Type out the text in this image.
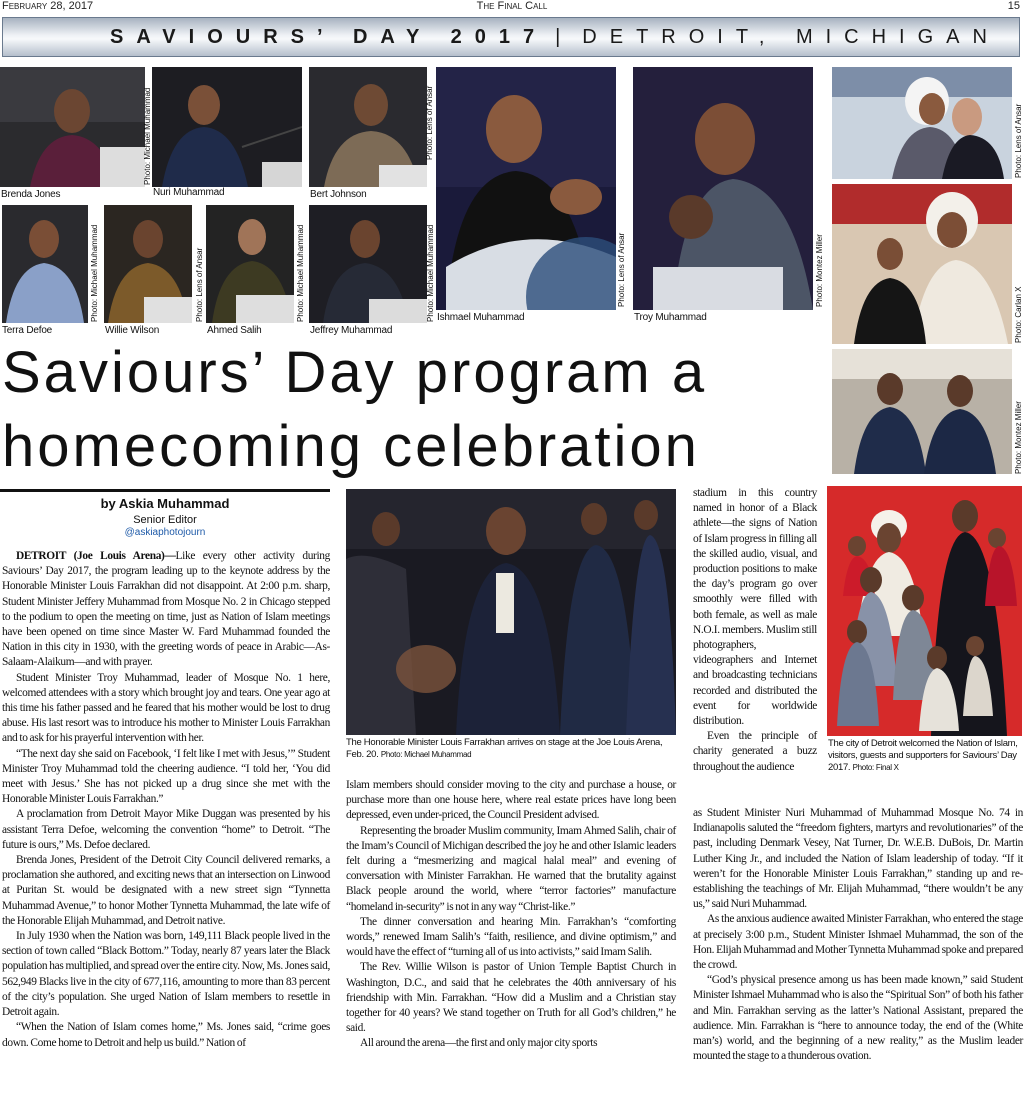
February 28, 2017	The Final Call	15
SAVIOURS’ DAY 2017 | DETROIT, MICHIGAN
Brenda Jones
Photo: Michael Muhammad
Nuri Muhammad
Photo: Lens of Ansar
Bert Johnson
Photo: Lens of Ansar
Ishmael Muhammad
Photo: Montez Miller
Troy Muhammad
Terra Defoe
Photo: Michael Muhammad
Willie Wilson
Photo: Lens of Ansar
Ahmed Salih
Photo: Michael Muhammad
Jeffrey Muhammad
Photo: Michael Muhammad
Photo: Lens of Ansar
Photo: Carlan X
Photo: Montez Miller
Saviours’ Day program a
homecoming celebration
by Askia Muhammad
Senior Editor
@askiaphotojourn

DETROIT (Joe Louis Arena)—Like every other activity during Saviours’ Day 2017, the program leading up to the keynote address by the Honorable Minister Louis Farrakhan did not disappoint. At 2:00 p.m. sharp, Student Minister Jeffery Muhammad from Mosque No. 2 in Chicago stepped to the podium to open the meeting on time, just as Nation of Islam meetings have been opened on time since Master W. Fard Muhammad founded the Nation in this city in 1930, with the greeting words of peace in Arabic—As-Salaam-Alaikum—and with prayer.

Student Minister Troy Muhammad, leader of Mosque No. 1 here, welcomed attendees with a story which brought joy and tears. One year ago at this time his father passed and he feared that his mother would be lost to drug abuse. His last resort was to introduce his mother to Minister Louis Farrakhan and to ask for his prayerful intervention with her.

“The next day she said on Facebook, ‘I felt like I met with Jesus,’” Student Minister Troy Muhammad told the cheering audience. “I told her, ‘You did meet with Jesus.’ She has not picked up a drug since she met with the Honorable Minister Louis Farrakhan.”

A proclamation from Detroit Mayor Mike Duggan was presented by his assistant Terra Defoe, welcoming the convention “home” to Detroit. “The future is ours,” Ms. Defoe declared.

Brenda Jones, President of the Detroit City Council delivered remarks, a proclamation she authored, and exciting news that an intersection on Linwood at Puritan St. would be designated with a new street sign “Tynnetta Muhammad Avenue,” to honor Mother Tynnetta Muhammad, the late wife of the Honorable Elijah Muhammad, and Detroit native.

In July 1930 when the Nation was born, 149,111 Black people lived in the section of town called “Black Bottom.” Today, nearly 87 years later the Black population has multiplied, and spread over the entire city. Now, Ms. Jones said, 562,949 Blacks live in the city of 677,116, amounting to more than 83 percent of the city’s population. She urged Nation of Islam members to resettle in Detroit again.

“When the Nation of Islam comes home,” Ms. Jones said, “crime goes down. Come home to Detroit and help us build.” Nation of

The Honorable Minister Louis Farrakhan arrives on stage at the Joe Louis Arena, Feb. 20. Photo: Michael Muhammad

Islam members should consider moving to the city and purchase a house, or purchase more than one house here, where real estate prices have long been depressed, even under-priced, the Council President advised.

Representing the broader Muslim community, Imam Ahmed Salih, chair of the Imam’s Council of Michigan described the joy he and other Islamic leaders felt during a “mesmerizing and magical halal meal” and evening of conversation with Minister Farrakhan. He warned that the brutality against Black people around the world, where “terror factories” manufacture “homeland in-security” is not in any way “Christ-like.”

The dinner conversation and hearing Min. Farrakhan’s “comforting words,” renewed Imam Salih’s “faith, resilience, and divine optimism,” and would have the effect of “turning all of us into activists,” said Imam Salih.

The Rev. Willie Wilson is pastor of Union Temple Baptist Church in Washington, D.C., and said that he celebrates the 40th anniversary of his friendship with Min. Farrakhan. “How did a Muslim and a Christian stay together for 40 years? We stand together on Truth for all God’s children,” he said.

All around the arena—the first and only major city sports

stadium in this country named in honor of a Black athlete—the signs of Nation of Islam progress in filling all the skilled audio, visual, and production positions to make the day’s program go over smoothly were filled with both female, as well as male N.O.I. members. Muslim still photographers, videographers and Internet and broadcasting technicians recorded and distributed the event for worldwide distribution.

Even the principle of charity generated a buzz throughout the audience

The city of Detroit welcomed the Nation of Islam, visitors, guests and supporters for Saviours’ Day 2017. Photo: Final X

as Student Minister Nuri Muhammad of Muhammad Mosque No. 74 in Indianapolis saluted the “freedom fighters, martyrs and revolutionaries” of the past, including Denmark Vesey, Nat Turner, Dr. W.E.B. DuBois, Dr. Martin Luther King Jr., and included the Nation of Islam leadership of today. “If it weren’t for the Honorable Minister Louis Farrakhan,” standing up and re-establishing the teachings of Mr. Elijah Muhammad, “there wouldn’t be any us,” said Nuri Muhammad.

As the anxious audience awaited Minister Farrakhan, who entered the stage at precisely 3:00 p.m., Student Minister Ishmael Muhammad, the son of the Hon. Elijah Muhammad and Mother Tynnetta Muhammad spoke and prepared the crowd.

“God’s physical presence among us has been made known,” said Student Minister Ishmael Muhammad who is also the “Spiritual Son” of both his father and Min. Farrakhan serving as the latter’s National Assistant, prepared the audience. Min. Farrakhan is “here to announce today, the end of the (White man’s) world, and the beginning of a new reality,” as the Muslim leader mounted the stage to a thunderous ovation.
